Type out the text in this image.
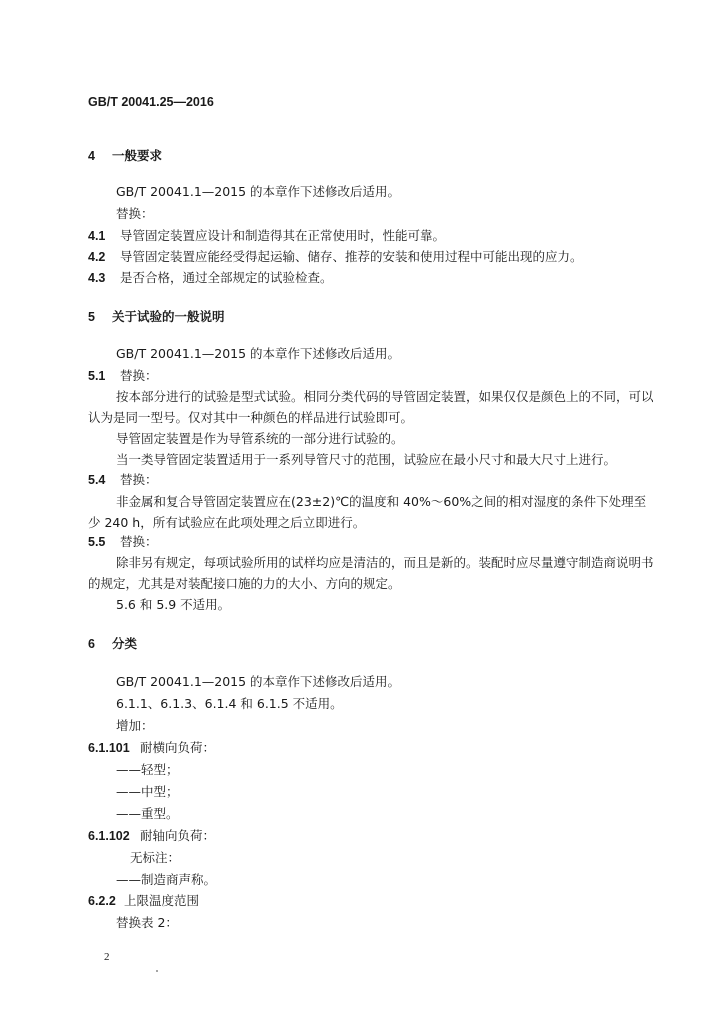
GB/T 20041.25—2016
4 一般要求
GB/T 20041.1—2015 的本章作下述修改后适用。
替换：
4.1 导管固定装置应设计和制造得其在正常使用时，性能可靠。
4.2 导管固定装置应能经受得起运输、储存、推荐的安装和使用过程中可能出现的应力。
4.3 是否合格，通过全部规定的试验检查。
5 关于试验的一般说明
GB/T 20041.1—2015 的本章作下述修改后适用。
5.1 替换：
按本部分进行的试验是型式试验。相同分类代码的导管固定装置，如果仅仅是颜色上的不同，可以
认为是同一型号。仅对其中一种颜色的样品进行试验即可。
导管固定装置是作为导管系统的一部分进行试验的。
当一类导管固定装置适用于一系列导管尺寸的范围，试验应在最小尺寸和最大尺寸上进行。
5.4 替换：
非金属和复合导管固定装置应在(23±2)℃的温度和 40%～60%之间的相对湿度的条件下处理至
少 240 h，所有试验应在此项处理之后立即进行。
5.5 替换：
除非另有规定，每项试验所用的试样均应是清洁的，而且是新的。装配时应尽量遵守制造商说明书
的规定，尤其是对装配接口施的力的大小、方向的规定。
5.6 和 5.9 不适用。
6 分类
GB/T 20041.1—2015 的本章作下述修改后适用。
6.1.1、6.1.3、6.1.4 和 6.1.5 不适用。
增加：
6.1.101 耐横向负荷：
——轻型；
——中型；
——重型。
6.1.102 耐轴向负荷：
无标注：
——制造商声称。
6.2.2 上限温度范围
替换表 2：
2
